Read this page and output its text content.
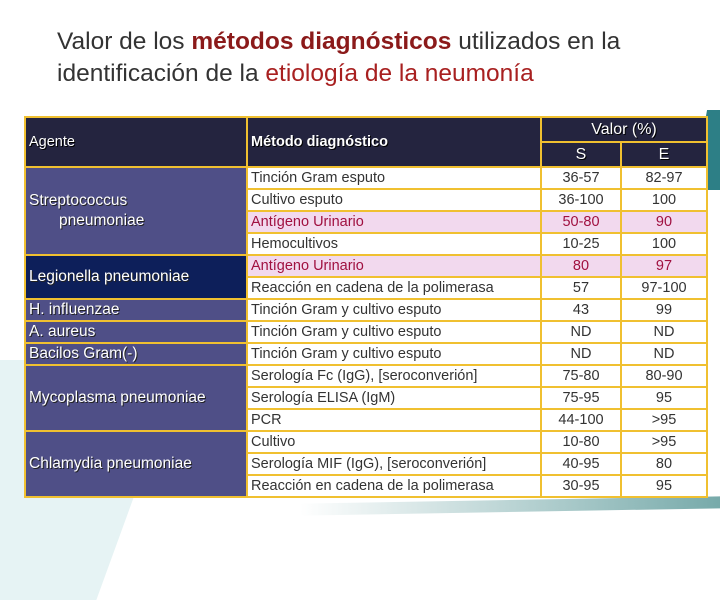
Valor de los métodos diagnósticos utilizados en la identificación de la etiología de la neumonía
Agente	Método diagnóstico	Valor (%)	
		S	E
Streptococcus
pneumoniae	Tinción Gram esputo	36-57	82-97
	Cultivo esputo	36-100	100
	Antígeno Urinario	50-80	90
	Hemocultivos	10-25	100
Legionella pneumoniae	Antígeno Urinario	80	97
	Reacción en cadena de la polimerasa	57	97-100
H. influenzae	Tinción Gram y cultivo esputo	43	99
A. aureus	Tinción Gram y cultivo esputo	ND	ND
Bacilos Gram(-)	Tinción Gram y cultivo esputo	ND	ND
Mycoplasma pneumoniae	Serología Fc (IgG), [seroconverión]	75-80	80-90
	Serología ELISA (IgM)	75-95	95
	PCR	44-100	>95
Chlamydia pneumoniae	Cultivo	10-80	>95
	Serología MIF (IgG), [seroconverión]	40-95	80
	Reacción en cadena de la polimerasa	30-95	95
